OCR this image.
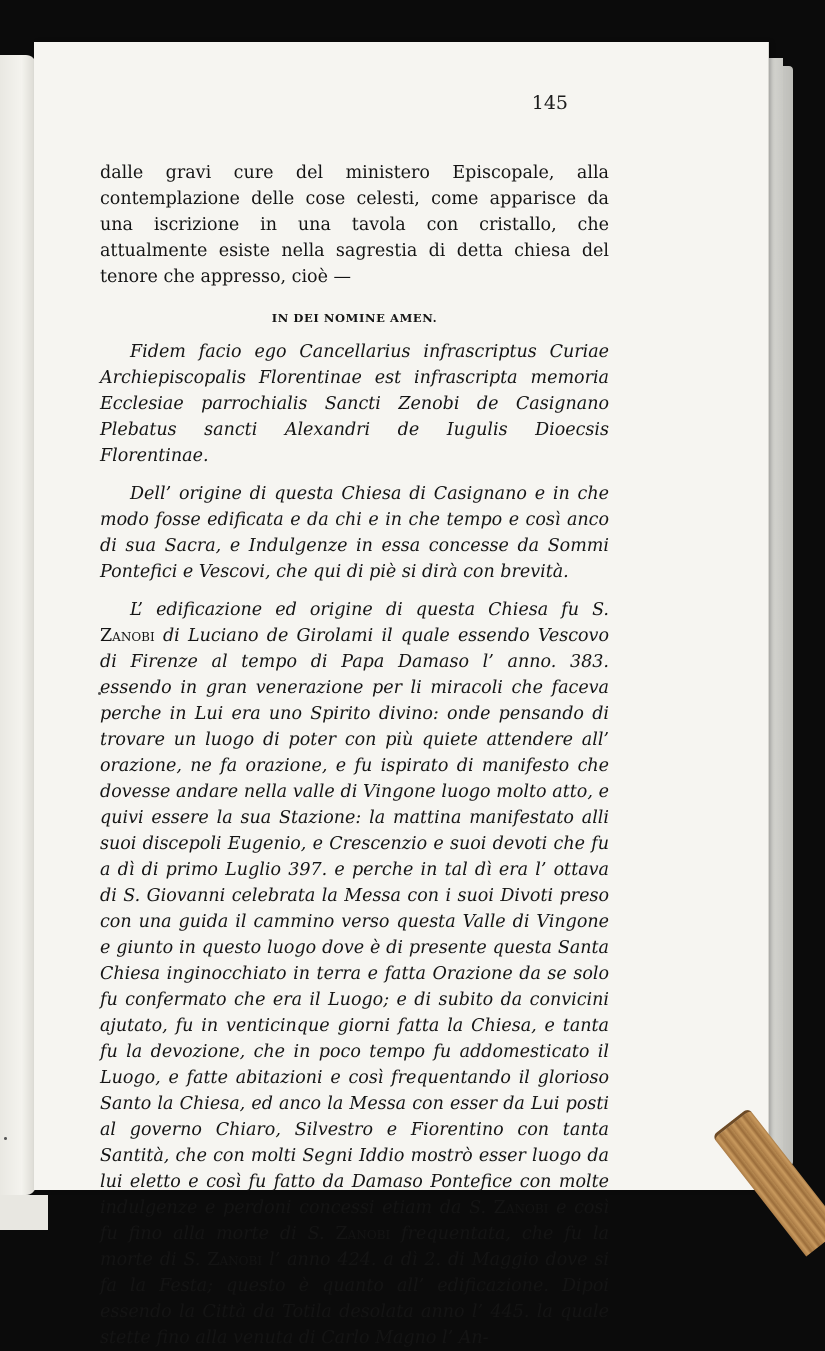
145

dalle gravi cure del ministero Episcopale, alla contemplazione delle cose celesti, come apparisce da una iscrizione in una tavola con cristallo, che attualmente esiste nella sagrestia di detta chiesa del tenore che appresso, cioè —

IN DEI NOMINE AMEN.

Fidem facio ego Cancellarius infrascriptus Curiae Archiepiscopalis Florentinae est infrascripta memoria Ecclesiae parrochialis Sancti Zenobi de Casignano Plebatus sancti Alexandri de Iugulis Dioecsis Florentinae.

Dell’ origine di questa Chiesa di Casignano e in che modo fosse edificata e da chi e in che tempo e così anco di sua Sacra, e Indulgenze in essa concesse da Sommi Pontefici e Vescovi, che qui di piè si dirà con brevità.

L’ edificazione ed origine di questa Chiesa fu S. Zanobi di Luciano de Girolami il quale essendo Vescovo di Firenze al tempo di Papa Damaso l’ anno. 383. essendo in gran venerazione per li miracoli che faceva perche in Lui era uno Spirito divino: onde pensando di trovare un luogo di poter con più quiete attendere all’ orazione, ne fa orazione, e fu ispirato di manifesto che dovesse andare nella valle di Vingone luogo molto atto, e quivi essere la sua Stazione: la mattina manifestato alli suoi discepoli Eugenio, e Crescenzio e suoi devoti che fu a dì di primo Luglio 397. e perche in tal dì era l’ ottava di S. Giovanni celebrata la Messa con i suoi Divoti preso con una guida il cammino verso questa Valle di Vingone e giunto in questo luogo dove è di presente questa Santa Chiesa inginocchiato in terra e fatta Orazione da se solo fu confermato che era il Luogo; e di subito da convicini ajutato, fu in venticinque giorni fatta la Chiesa, e tanta fu la devozione, che in poco tempo fu addomesticato il Luogo, e fatte abitazioni e così frequentando il glorioso Santo la Chiesa, ed anco la Messa con esser da Lui posti al governo Chiaro, Silvestro e Fiorentino con tanta Santità, che con molti Segni Iddio mostrò esser luogo da lui eletto e così fu fatto da Damaso Pontefice con molte indulgenze e perdoni concessi etiam da S. Zanobi e così fu fino alla morte di S. Zanobi frequentata, che fu la morte di S. Zanobi l’ anno 424. a dì 2. di Maggio dove si fa la Festa; questo è quanto all’ edificazione. Dipoi essendo la Città da Totila desolata anno l’ 445. la quale stette fino alla venuta di Carlo Magno l’ An-
